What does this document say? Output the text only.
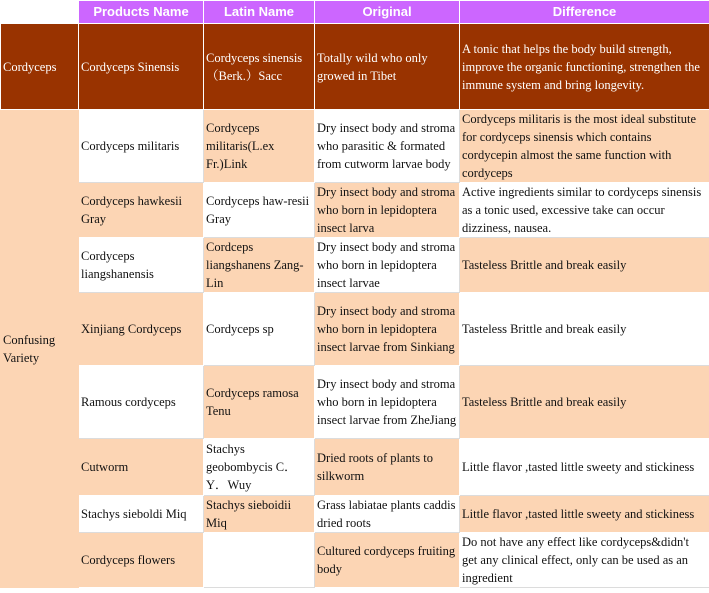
	Products Name	Latin Name	Original	Difference
Cordyceps	Cordyceps Sinensis	Cordyceps sinensis（Berk.）Sacc	Totally wild who only growed in Tibet	A tonic that helps the body build strength, improve the organic functioning, strengthen the immune system and bring longevity.
Confusing Variety	Cordyceps militaris	Cordyceps militaris(L.ex Fr.)Link	Dry insect body and stroma who parasitic & formated from cutworm larvae body	Cordyceps militaris is the most ideal substitute for cordyceps sinensis which contains cordycepin almost the same function with cordyceps
	Cordyceps hawkesii Gray	Cordyceps haw-resii Gray	Dry insect body and stroma who born in lepidoptera insect larva	Active ingredients similar to cordyceps sinensis as a tonic used, excessive take can occur dizziness, nausea.
	Cordyceps liangshanensis	Cordceps liangshanens Zang-Lin	Dry insect body and stroma who born in lepidoptera insect larvae	Tasteless Brittle and break easily
	Xinjiang Cordyceps	Cordyceps sp	Dry insect body and stroma who born in lepidoptera insect larvae from Sinkiang	Tasteless Brittle and break easily
	Ramous cordyceps	Cordyceps ramosa Tenu	Dry insect body and stroma who born in lepidoptera insect larvae from ZheJiang	Tasteless Brittle and break easily
	Cutworm	Stachys geobombycis C．Y．Wuy	Dried roots of plants to silkworm	Little flavor ,tasted little sweety and stickiness
	Stachys sieboldi Miq	Stachys sieboidii Miq	Grass labiatae plants caddis dried roots	Little flavor ,tasted little sweety and stickiness
	Cordyceps flowers		Cultured cordyceps fruiting body	Do not have any effect like cordyceps&didn't get any clinical effect, only can be used as an ingredient
